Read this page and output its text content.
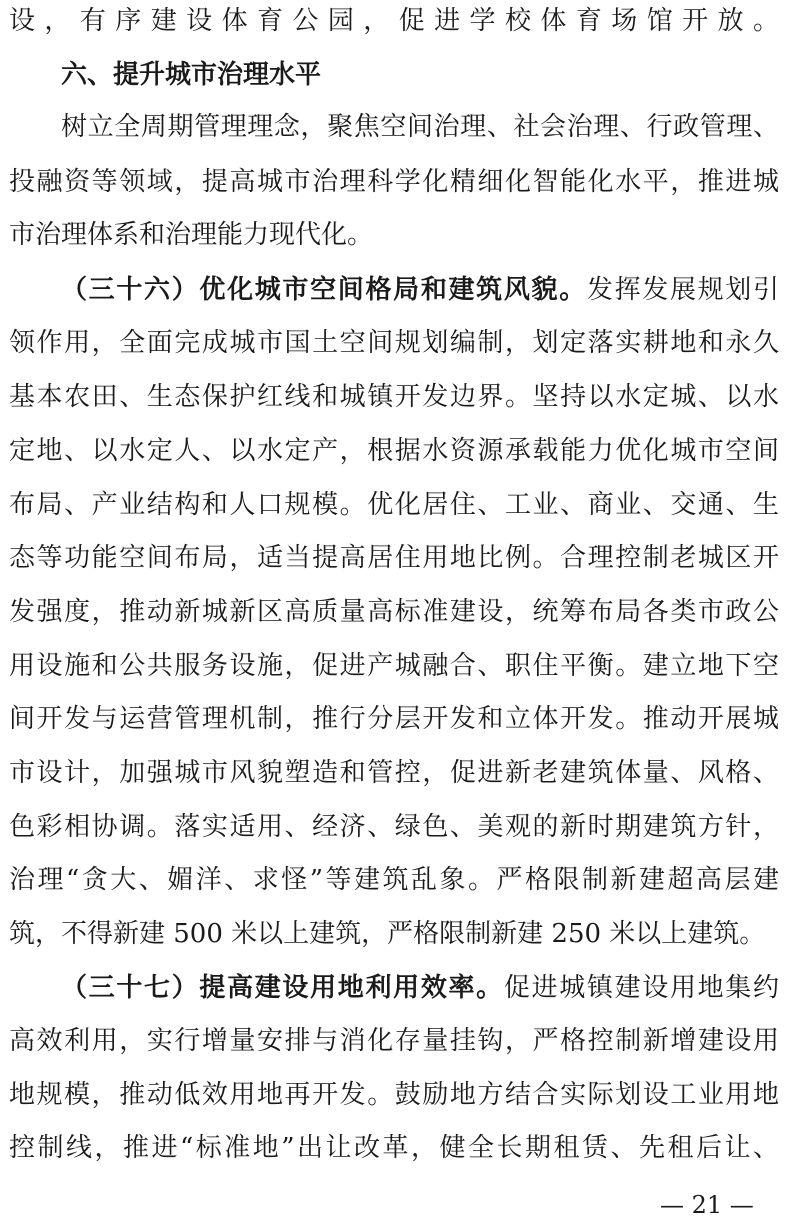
设，有序建设体育公园，促进学校体育场馆开放。
六、提升城市治理水平
树立全周期管理理念，聚焦空间治理、社会治理、行政管理、
投融资等领域，提高城市治理科学化精细化智能化水平，推进城
市治理体系和治理能力现代化。
（三十六）优化城市空间格局和建筑风貌。发挥发展规划引
领作用，全面完成城市国土空间规划编制，划定落实耕地和永久
基本农田、生态保护红线和城镇开发边界。坚持以水定城、以水
定地、以水定人、以水定产，根据水资源承载能力优化城市空间
布局、产业结构和人口规模。优化居住、工业、商业、交通、生
态等功能空间布局，适当提高居住用地比例。合理控制老城区开
发强度，推动新城新区高质量高标准建设，统筹布局各类市政公
用设施和公共服务设施，促进产城融合、职住平衡。建立地下空
间开发与运营管理机制，推行分层开发和立体开发。推动开展城
市设计，加强城市风貌塑造和管控，促进新老建筑体量、风格、
色彩相协调。落实适用、经济、绿色、美观的新时期建筑方针，
治理“贪大、媚洋、求怪”等建筑乱象。严格限制新建超高层建
筑，不得新建 500 米以上建筑，严格限制新建 250 米以上建筑。
（三十七）提高建设用地利用效率。促进城镇建设用地集约
高效利用，实行增量安排与消化存量挂钩，严格控制新增建设用
地规模，推动低效用地再开发。鼓励地方结合实际划设工业用地
控制线，推进“标准地”出让改革，健全长期租赁、先租后让、
— 21 —
